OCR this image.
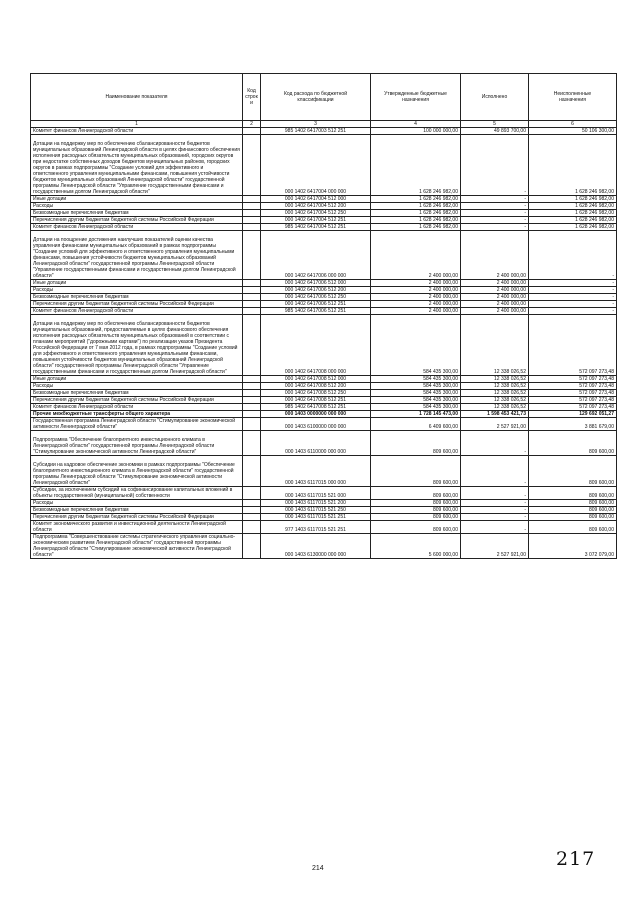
Наименование показателя	Код
строк
и	Код расхода по бюджетной
классификации	Утвержденные бюджетные
назначения	Исполнено	Неисполненные
назначения
1	2	3	4	5	6
Комитет финансов Ленинградской области		985 1402 6417003 512 251	100 000 000,00	49 893 700,00	50 106 300,00

Дотации на поддержку мер по обеспечению сбалансированности бюджетов муниципальных образований Ленинградской области в целях финансового обеспечения исполнения расходных обязательств муниципальных образований, городских округов при недостатке собственных доходов бюджетов муниципальных районов, городских округов в рамках подпрограммы "Создание условий для эффективного и ответственного управления муниципальными финансами, повышения устойчивости бюджетов муниципальных образований Ленинградской области" государственной программы Ленинградской области "Управление государственными финансами и государственным долгом Ленинградской области"		000 1402 6417004 000 000	1 628 246 982,00	-	1 628 246 982,00
Иные дотации		000 1402 6417004 512 000	1 628 246 982,00	-	1 628 246 982,00
Расходы		000 1402 6417004 512 200	1 628 246 982,00	-	1 628 246 982,00
Безвозмездные перечисления бюджетам		000 1402 6417004 512 250	1 628 246 982,00	-	1 628 246 982,00
Перечисления другим бюджетам бюджетной системы Российской Федерации		000 1402 6417004 512 251	1 628 246 982,00	-	1 628 246 982,00
Комитет финансов Ленинградской области		985 1402 6417004 512 251	1 628 246 982,00	-	1 628 246 982,00

Дотации на поощрение достижения наилучших показателей оценки качества управления финансами муниципальных образований в рамках подпрограммы "Создание условий для эффективного и ответственного управления муниципальными финансами, повышения устойчивости бюджетов муниципальных образований Ленинградской области" государственной программы Ленинградской области "Управление государственными финансами и государственным долгом Ленинградской области"		000 1402 6417006 000 000	2 400 000,00	2 400 000,00	-
Иные дотации		000 1402 6417006 512 000	2 400 000,00	2 400 000,00	-
Расходы		000 1402 6417006 512 200	2 400 000,00	2 400 000,00	-
Безвозмездные перечисления бюджетам		000 1402 6417006 512 250	2 400 000,00	2 400 000,00	-
Перечисления другим бюджетам бюджетной системы Российской Федерации		000 1402 6417006 512 251	2 400 000,00	2 400 000,00	-
Комитет финансов Ленинградской области		985 1402 6417006 512 251	2 400 000,00	2 400 000,00	-

Дотации на поддержку мер по обеспечению сбалансированности бюджетов муниципальных образований, предоставляемые в целях финансового обеспечения исполнения расходных обязательств муниципальных образований в соответствии с планами мероприятий ("дорожными картами") по реализации указов Президента Российской Федерации от 7 мая 2012 года, в рамках подпрограммы "Создание условий для эффективного и ответственного управления муниципальными финансами, повышения устойчивости бюджетов муниципальных образований Ленинградской области" государственной программы Ленинградской области "Управление государственными финансами и государственным долгом Ленинградской области"		000 1402 6417008 000 000	584 435 300,00	12 338 026,52	572 097 273,48
Иные дотации		000 1402 6417008 512 000	584 435 300,00	12 338 026,52	572 097 273,48
Расходы		000 1402 6417008 512 200	584 435 300,00	12 338 026,52	572 097 273,48
Безвозмездные перечисления бюджетам		000 1402 6417008 512 250	584 435 300,00	12 338 026,52	572 097 273,48
Перечисления другим бюджетам бюджетной системы Российской Федерации		000 1402 6417008 512 251	584 435 300,00	12 338 026,52	572 097 273,48
Комитет финансов Ленинградской области		985 1402 6417008 512 251	584 435 300,00	12 338 026,52	572 097 273,48
Прочие межбюджетные трансферты общего характера		000 1403 0000000 000 000	1 728 145 473,00	1 598 453 421,73	129 692 051,27
Государственная программа Ленинградской области "Стимулирование экономической активности Ленинградской области"		000 1403 6100000 000 000	6 409 600,00	2 527 921,00	3 881 679,00

Подпрограмма "Обеспечение благоприятного инвестиционного климата в Ленинградской области" государственной программы Ленинградской области "Стимулирование экономической активности Ленинградской области"		000 1403 6110000 000 000	809 600,00	-	809 600,00

Субсидии на кадровое обеспечение экономики в рамках подпрограммы "Обеспечение благоприятного инвестиционного климата в Ленинградской области" государственной программы Ленинградской области "Стимулирование экономической активности Ленинградской области"		000 1403 6117015 000 000	809 600,00	-	809 600,00
Субсидии, за исключением субсидий на софинансирование капитальных вложений в объекты государственной (муниципальной) собственности		000 1403 6117015 521 000	809 600,00	-	809 600,00
Расходы		000 1403 6117015 521 200	809 600,00	-	809 600,00
Безвозмездные перечисления бюджетам		000 1403 6117015 521 250	809 600,00	-	809 600,00
Перечисления другим бюджетам бюджетной системы Российской Федерации		000 1403 6117015 521 251	809 600,00	-	809 600,00
Комитет экономического развития и инвестиционной деятельности Ленинградской области		977 1403 6117015 521 251	809 600,00	-	809 600,00
Подпрограмма "Совершенствование системы стратегического управления социально-экономическим развитием Ленинградской области" государственной программы Ленинградской области "Стимулирование экономической активности Ленинградской области"		000 1403 6130000 000 000	5 600 000,00	2 527 921,00	3 072 079,00
214	217
